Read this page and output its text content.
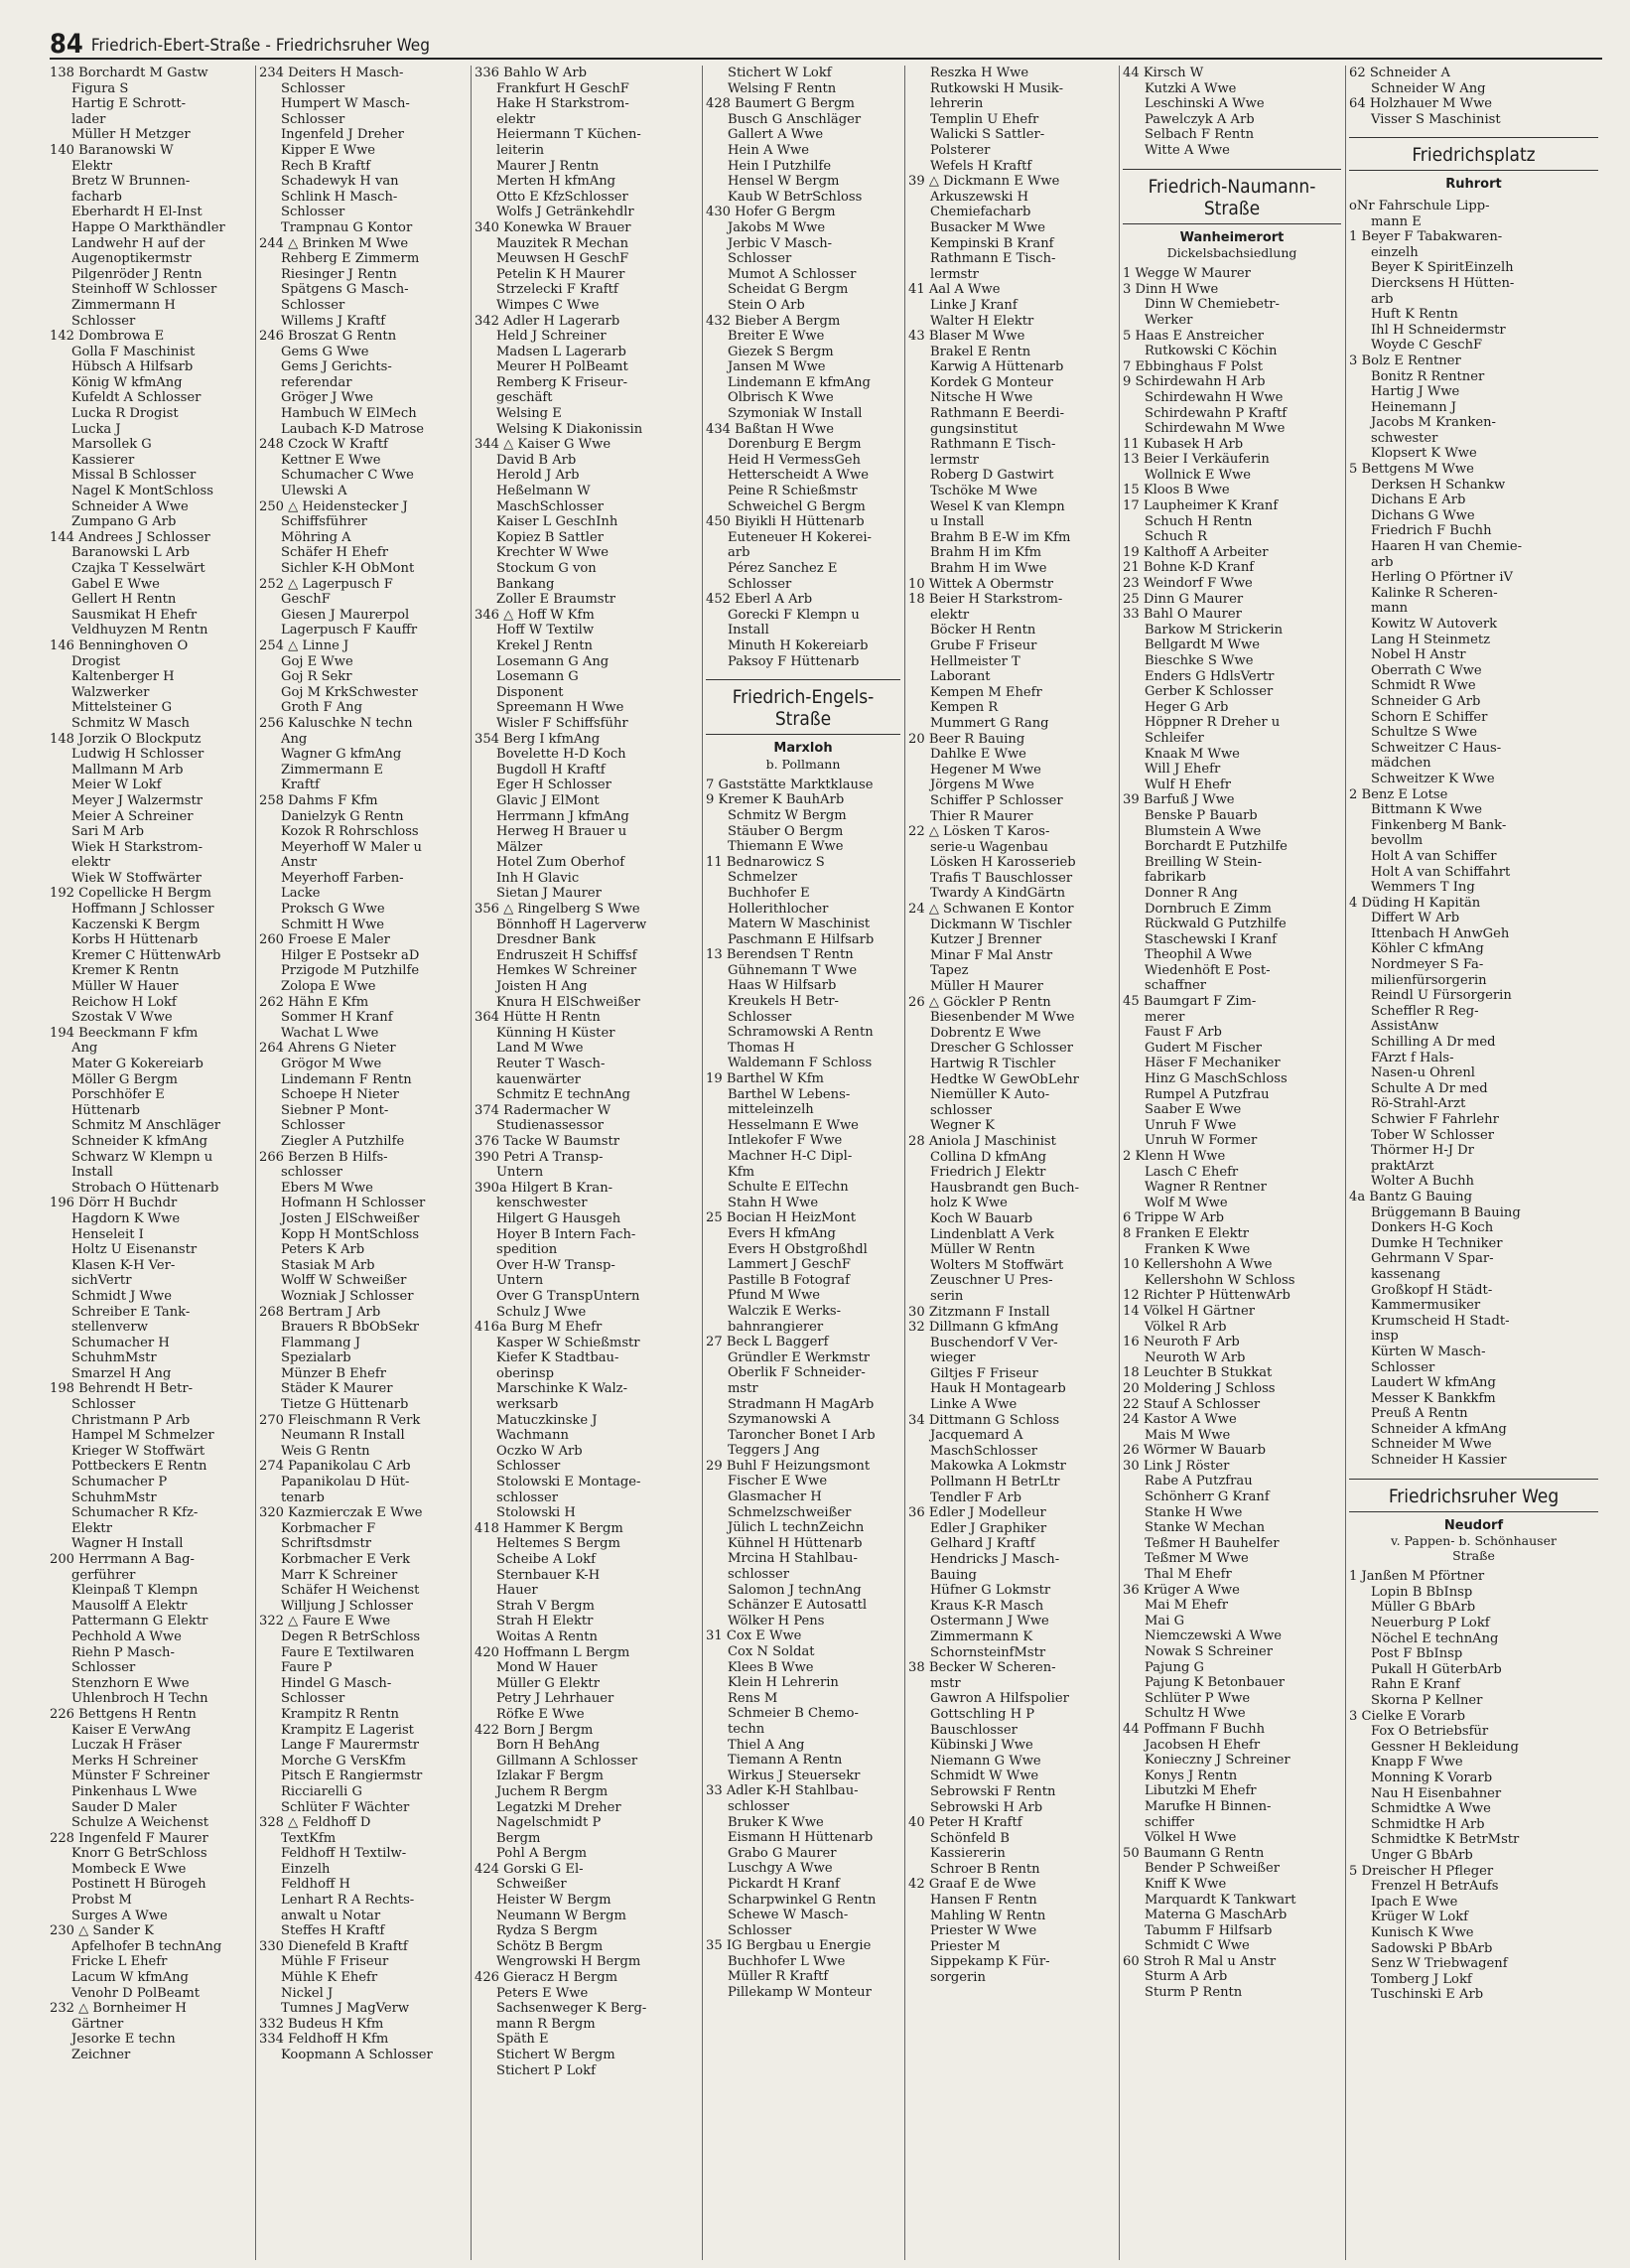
84 Friedrich-Ebert-Straße - Friedrichsruher Weg
138 Borchardt M Gastw
Figura S
Hartig E Schrott-
lader
Müller H Metzger
140 Baranowski W
Elektr
Bretz W Brunnen-
facharb
Eberhardt H El-Inst
Happe O Markthändler
Landwehr H auf der
Augenoptikermstr
Pilgenröder J Rentn
Steinhoff W Schlosser
Zimmermann H
Schlosser
142 Dombrowa E
Golla F Maschinist
Hübsch A Hilfsarb
König W kfmAng
Kufeldt A Schlosser
Lucka R Drogist
Lucka J
Marsollek G
Kassierer
Missal B Schlosser
Nagel K MontSchloss
Schneider A Wwe
Zumpano G Arb
144 Andrees J Schlosser
Baranowski L Arb
Czajka T Kesselwärt
Gabel E Wwe
Gellert H Rentn
Sausmikat H Ehefr
Veldhuyzen M Rentn
146 Benninghoven O
Drogist
Kaltenberger H
Walzwerker
Mittelsteiner G
Schmitz W Masch
148 Jorzik O Blockputz
Ludwig H Schlosser
Mallmann M Arb
Meier W Lokf
Meyer J Walzermstr
Meier A Schreiner
Sari M Arb
Wiek H Starkstrom-
elektr
Wiek W Stoffwärter
192 Copellicke H Bergm
Hoffmann J Schlosser
Kaczenski K Bergm
Korbs H Hüttenarb
Kremer C HüttenwArb
Kremer K Rentn
Müller W Hauer
Reichow H Lokf
Szostak V Wwe
194 Beeckmann F kfm
Ang
Mater G Kokereiarb
Möller G Bergm
Porschhöfer E
Hüttenarb
Schmitz M Anschläger
Schneider K kfmAng
Schwarz W Klempn u
Install
Strobach O Hüttenarb
196 Dörr H Buchdr
Hagdorn K Wwe
Henseleit I
Holtz U Eisenanstr
Klasen K-H Ver-
sichVertr
Schmidt J Wwe
Schreiber E Tank-
stellenverw
Schumacher H
SchuhmMstr
Smarzel H Ang
198 Behrendt H Betr-
Schlosser
Christmann P Arb
Hampel M Schmelzer
Krieger W Stoffwärt
Pottbeckers E Rentn
Schumacher P
SchuhmMstr
Schumacher R Kfz-
Elektr
Wagner H Install
200 Herrmann A Bag-
gerführer
Kleinpaß T Klempn
Mausolff A Elektr
Pattermann G Elektr
Pechhold A Wwe
Riehn P Masch-
Schlosser
Stenzhorn E Wwe
Uhlenbroch H Techn
226 Bettgens H Rentn
Kaiser E VerwAng
Luczak H Fräser
Merks H Schreiner
Münster F Schreiner
Pinkenhaus L Wwe
Sauder D Maler
Schulze A Weichenst
228 Ingenfeld F Maurer
Knorr G BetrSchloss
Mombeck E Wwe
Postinett H Bürogeh
Probst M
Surges A Wwe
230 △ Sander K
Apfelhofer B technAng
Fricke L Ehefr
Lacum W kfmAng
Venohr D PolBeamt
232 △ Bornheimer H
Gärtner
Jesorke E techn
Zeichner
234 Deiters H Masch-
Schlosser
Humpert W Masch-
Schlosser
Ingenfeld J Dreher
Kipper E Wwe
Rech B Kraftf
Schadewyk H van
Schlink H Masch-
Schlosser
Trampnau G Kontor
244 △ Brinken M Wwe
Rehberg E Zimmerm
Riesinger J Rentn
Spätgens G Masch-
Schlosser
Willems J Kraftf
246 Broszat G Rentn
Gems G Wwe
Gems J Gerichts-
referendar
Gröger J Wwe
Hambuch W ElMech
Laubach K-D Matrose
248 Czock W Kraftf
Kettner E Wwe
Schumacher C Wwe
Ulewski A
250 △ Heidenstecker J
Schiffsführer
Möhring A
Schäfer H Ehefr
Sichler K-H ObMont
252 △ Lagerpusch F
GeschF
Giesen J Maurerpol
Lagerpusch F Kauffr
254 △ Linne J
Goj E Wwe
Goj R Sekr
Goj M KrkSchwester
Groth F Ang
256 Kaluschke N techn
Ang
Wagner G kfmAng
Zimmermann E
Kraftf
258 Dahms F Kfm
Danielzyk G Rentn
Kozok R Rohrschloss
Meyerhoff W Maler u
Anstr
Meyerhoff Farben-
Lacke
Proksch G Wwe
Schmitt H Wwe
260 Froese E Maler
Hilger E Postsekr aD
Przigode M Putzhilfe
Zolopa E Wwe
262 Hähn E Kfm
Sommer H Kranf
Wachat L Wwe
264 Ahrens G Nieter
Grögor M Wwe
Lindemann F Rentn
Schoepe H Nieter
Siebner P Mont-
Schlosser
Ziegler A Putzhilfe
266 Berzen B Hilfs-
schlosser
Ebers M Wwe
Hofmann H Schlosser
Josten J ElSchweißer
Kopp H MontSchloss
Peters K Arb
Stasiak M Arb
Wolff W Schweißer
Wozniak J Schlosser
268 Bertram J Arb
Brauers R BbObSekr
Flammang J
Spezialarb
Münzer B Ehefr
Städer K Maurer
Tietze G Hüttenarb
270 Fleischmann R Verk
Neumann R Install
Weis G Rentn
274 Papanikolau C Arb
Papanikolau D Hüt-
tenarb
320 Kazmierczak E Wwe
Korbmacher F
Schriftsdmstr
Korbmacher E Verk
Marr K Schreiner
Schäfer H Weichenst
Willjung J Schlosser
322 △ Faure E Wwe
Degen R BetrSchloss
Faure E Textilwaren
Faure P
Hindel G Masch-
Schlosser
Krampitz R Rentn
Krampitz E Lagerist
Lange F Maurermstr
Morche G VersKfm
Pitsch E Rangiermstr
Ricciarelli G
Schlüter F Wächter
328 △ Feldhoff D
TextKfm
Feldhoff H Textilw-
Einzelh
Feldhoff H
Lenhart R A Rechts-
anwalt u Notar
Steffes H Kraftf
330 Dienefeld B Kraftf
Mühle F Friseur
Mühle K Ehefr
Nickel J
Tumnes J MagVerw
332 Budeus H Kfm
334 Feldhoff H Kfm
Koopmann A Schlosser
336 Bahlo W Arb
Frankfurt H GeschF
Hake H Starkstrom-
elektr
Heiermann T Küchen-
leiterin
Maurer J Rentn
Merten H kfmAng
Otto E KfzSchlosser
Wolfs J Getränkehdlr
340 Konewka W Brauer
Mauzitek R Mechan
Meuwsen H GeschF
Petelin K H Maurer
Strzelecki F Kraftf
Wimpes C Wwe
342 Adler H Lagerarb
Held J Schreiner
Madsen L Lagerarb
Meurer H PolBeamt
Remberg K Friseur-
geschäft
Welsing E
Welsing K Diakonissin
344 △ Kaiser G Wwe
David B Arb
Herold J Arb
Heßelmann W
MaschSchlosser
Kaiser L GeschInh
Kopiez B Sattler
Krechter W Wwe
Stockum G von
Bankang
Zoller E Braumstr
346 △ Hoff W Kfm
Hoff W Textilw
Krekel J Rentn
Losemann G Ang
Losemann G
Disponent
Spreemann H Wwe
Wisler F Schiffsführ
354 Berg I kfmAng
Bovelette H-D Koch
Bugdoll H Kraftf
Eger H Schlosser
Glavic J ElMont
Herrmann J kfmAng
Herweg H Brauer u
Mälzer
Hotel Zum Oberhof
Inh H Glavic
Sietan J Maurer
356 △ Ringelberg S Wwe
Bönnhoff H Lagerverw
Dresdner Bank
Endruszeit H Schiffsf
Hemkes W Schreiner
Joisten H Ang
Knura H ElSchweißer
364 Hütte H Rentn
Künning H Küster
Land M Wwe
Reuter T Wasch-
kauenwärter
Schmitz E technAng
374 Radermacher W
Studienassessor
376 Tacke W Baumstr
390 Petri A Transp-
Untern
390a Hilgert B Kran-
kenschwester
Hilgert G Hausgeh
Hoyer B Intern Fach-
spedition
Over H-W Transp-
Untern
Over G TranspUntern
Schulz J Wwe
416a Burg M Ehefr
Kasper W Schießmstr
Kiefer K Stadtbau-
oberinsp
Marschinke K Walz-
werksarb
Matuczkinske J
Wachmann
Oczko W Arb
Schlosser
Stolowski E Montage-
schlosser
Stolowski H
418 Hammer K Bergm
Heltemes S Bergm
Scheibe A Lokf
Sternbauer K-H
Hauer
Strah V Bergm
Strah H Elektr
Woitas A Rentn
420 Hoffmann L Bergm
Mond W Hauer
Müller G Elektr
Petry J Lehrhauer
Röfke E Wwe
422 Born J Bergm
Born H BehAng
Gillmann A Schlosser
Izlakar F Bergm
Juchem R Bergm
Legatzki M Dreher
Nagelschmidt P
Bergm
Pohl A Bergm
424 Gorski G El-
Schweißer
Heister W Bergm
Neumann W Bergm
Rydza S Bergm
Schötz B Bergm
Wengrowski H Bergm
426 Gieracz H Bergm
Peters E Wwe
Sachsenweger K Berg-
mann R Bergm
Späth E
Stichert W Bergm
Stichert P Lokf
Stichert W Lokf
Welsing F Rentn
428 Baumert G Bergm
Busch G Anschläger
Gallert A Wwe
Hein A Wwe
Hein I Putzhilfe
Hensel W Bergm
Kaub W BetrSchloss
430 Hofer G Bergm
Jakobs M Wwe
Jerbic V Masch-
Schlosser
Mumot A Schlosser
Scheidat G Bergm
Stein O Arb
432 Bieber A Bergm
Breiter E Wwe
Giezek S Bergm
Jansen M Wwe
Lindemann E kfmAng
Olbrisch K Wwe
Szymoniak W Install
434 Baßtan H Wwe
Dorenburg E Bergm
Heid H VermessGeh
Hetterscheidt A Wwe
Peine R Schießmstr
Schweichel G Bergm
450 Biyikli H Hüttenarb
Euteneuer H Kokerei-
arb
Pérez Sanchez E
Schlosser
452 Eberl A Arb
Gorecki F Klempn u
Install
Minuth H Kokereiarb
Paksoy F Hüttenarb
Friedrich-Engels-Straße
Marxloh
b. Pollmann
7 Gaststätte Marktklause
9 Kremer K BauhArb
Schmitz W Bergm
Stäuber O Bergm
Thiemann E Wwe
11 Bednarowicz S
Schmelzer
Buchhofer E
Hollerithlocher
Matern W Maschinist
Paschmann E Hilfsarb
13 Berendsen T Rentn
Gühnemann T Wwe
Haas W Hilfsarb
Kreukels H Betr-
Schlosser
Schramowski A Rentn
Thomas H
Waldemann F Schloss
19 Barthel W Kfm
Barthel W Lebens-
mitteleinzelh
Hesselmann E Wwe
Intlekofer F Wwe
Machner H-C Dipl-
Kfm
Schulte E ElTechn
Stahn H Wwe
25 Bocian H HeizMont
Evers H kfmAng
Evers H Obstgroßhdl
Lammert J GeschF
Pastille B Fotograf
Pfund M Wwe
Walczik E Werks-
bahnrangierer
27 Beck L Baggerf
Gründler E Werkmstr
Oberlik F Schneider-
mstr
Stradmann H MagArb
Szymanowski A
Taroncher Bonet I Arb
Teggers J Ang
29 Buhl F Heizungsmont
Fischer E Wwe
Glasmacher H
Schmelzschweißer
Jülich L technZeichn
Kühnel H Hüttenarb
Mrcina H Stahlbau-
schlosser
Salomon J technAng
Schänzer E Autosattl
Wölker H Pens
31 Cox E Wwe
Cox N Soldat
Klees B Wwe
Klein H Lehrerin
Rens M
Schmeier B Chemo-
techn
Thiel A Ang
Tiemann A Rentn
Wirkus J Steuersekr
33 Adler K-H Stahlbau-
schlosser
Bruker K Wwe
Eismann H Hüttenarb
Grabo G Maurer
Luschgy A Wwe
Pickardt H Kranf
Scharpwinkel G Rentn
Schewe W Masch-
Schlosser
35 IG Bergbau u Energie
Buchhofer L Wwe
Müller R Kraftf
Pillekamp W Monteur
Reszka H Wwe
Rutkowski H Musik-
lehrerin
Templin U Ehefr
Walicki S Sattler-
Polsterer
Wefels H Kraftf
39 △ Dickmann E Wwe
Arkuszewski H
Chemiefacharb
Busacker M Wwe
Kempinski B Kranf
Rathmann E Tisch-
lermstr
41 Aal A Wwe
Linke J Kranf
Walter H Elektr
43 Blaser M Wwe
Brakel E Rentn
Karwig A Hüttenarb
Kordek G Monteur
Nitsche H Wwe
Rathmann E Beerdi-
gungsinstitut
Rathmann E Tisch-
lermstr
Roberg D Gastwirt
Tschöke M Wwe
Wesel K van Klempn
u Install
Brahm B E-W im Kfm
Brahm H im Kfm
Brahm H im Wwe
10 Wittek A Obermstr
18 Beier H Starkstrom-
elektr
Böcker H Rentn
Grube F Friseur
Hellmeister T
Laborant
Kempen M Ehefr
Kempen R
Mummert G Rang
20 Beer R Bauing
Dahlke E Wwe
Hegener M Wwe
Jörgens M Wwe
Schiffer P Schlosser
Thier R Maurer
22 △ Lösken T Karos-
serie-u Wagenbau
Lösken H Karosserieb
Trafis T Bauschlosser
Twardy A KindGärtn
24 △ Schwanen E Kontor
Dickmann W Tischler
Kutzer J Brenner
Minar F Mal Anstr
Tapez
Müller H Maurer
26 △ Göckler P Rentn
Biesenbender M Wwe
Dobrentz E Wwe
Drescher G Schlosser
Hartwig R Tischler
Hedtke W GewObLehr
Niemüller K Auto-
schlosser
Wegner K
28 Aniola J Maschinist
Collina D kfmAng
Friedrich J Elektr
Hausbrandt gen Buch-
holz K Wwe
Koch W Bauarb
Lindenblatt A Verk
Müller W Rentn
Wolters M Stoffwärt
Zeuschner U Pres-
serin
30 Zitzmann F Install
32 Dillmann G kfmAng
Buschendorf V Ver-
wieger
Giltjes F Friseur
Hauk H Montagearb
Linke A Wwe
34 Dittmann G Schloss
Jacquemard A
MaschSchlosser
Makowka A Lokmstr
Pollmann H BetrLtr
Tendler F Arb
36 Edler J Modelleur
Edler J Graphiker
Gelhard J Kraftf
Hendricks J Masch-
Bauing
Hüfner G Lokmstr
Kraus K-R Masch
Ostermann J Wwe
Zimmermann K
SchornsteinfMstr
38 Becker W Scheren-
mstr
Gawron A Hilfspolier
Gottschling H P
Bauschlosser
Kübinski J Wwe
Niemann G Wwe
Schmidt W Wwe
Sebrowski F Rentn
Sebrowski H Arb
40 Peter H Kraftf
Schönfeld B
Kassiererin
Schroer B Rentn
42 Graaf E de Wwe
Hansen F Rentn
Mahling W Rentn
Priester W Wwe
Priester M
Sippekamp K Für-
sorgerin
44 Kirsch W
Kutzki A Wwe
Leschinski A Wwe
Pawelczyk A Arb
Selbach F Rentn
Witte A Wwe
Friedrich-Naumann-Straße
Wanheimerort
Dickelsbachsiedlung
1 Wegge W Maurer
3 Dinn H Wwe
Dinn W Chemiebetr-
Werker
5 Haas E Anstreicher
Rutkowski C Köchin
7 Ebbinghaus F Polst
9 Schirdewahn H Arb
Schirdewahn H Wwe
Schirdewahn P Kraftf
Schirdewahn M Wwe
11 Kubasek H Arb
13 Beier I Verkäuferin
Wollnick E Wwe
15 Kloos B Wwe
17 Laupheimer K Kranf
Schuch H Rentn
Schuch R
19 Kalthoff A Arbeiter
21 Bohne K-D Kranf
23 Weindorf F Wwe
25 Dinn G Maurer
33 Bahl O Maurer
Barkow M Strickerin
Bellgardt M Wwe
Bieschke S Wwe
Enders G HdlsVertr
Gerber K Schlosser
Heger G Arb
Höppner R Dreher u
Schleifer
Knaak M Wwe
Will J Ehefr
Wulf H Ehefr
39 Barfuß J Wwe
Benske P Bauarb
Blumstein A Wwe
Borchardt E Putzhilfe
Breilling W Stein-
fabrikarb
Donner R Ang
Dornbruch E Zimm
Rückwald G Putzhilfe
Staschewski I Kranf
Theophil A Wwe
Wiedenhöft E Post-
schaffner
45 Baumgart F Zim-
merer
Faust F Arb
Gudert M Fischer
Häser F Mechaniker
Hinz G MaschSchloss
Rumpel A Putzfrau
Saaber E Wwe
Unruh F Wwe
Unruh W Former
2 Klenn H Wwe
Lasch C Ehefr
Wagner R Rentner
Wolf M Wwe
6 Trippe W Arb
8 Franken E Elektr
Franken K Wwe
10 Kellershohn A Wwe
Kellershohn W Schloss
12 Richter P HüttenwArb
14 Völkel H Gärtner
Völkel R Arb
16 Neuroth F Arb
Neuroth W Arb
18 Leuchter B Stukkat
20 Moldering J Schloss
22 Stauf A Schlosser
24 Kastor A Wwe
Mais M Wwe
26 Wörmer W Bauarb
30 Link J Röster
Rabe A Putzfrau
Schönherr G Kranf
Stanke H Wwe
Stanke W Mechan
Teßmer H Bauhelfer
Teßmer M Wwe
Thal M Ehefr
36 Krüger A Wwe
Mai M Ehefr
Mai G
Niemczewski A Wwe
Nowak S Schreiner
Pajung G
Pajung K Betonbauer
Schlüter P Wwe
Schultz H Wwe
44 Poffmann F Buchh
Jacobsen H Ehefr
Konieczny J Schreiner
Konys J Rentn
Libutzki M Ehefr
Marufke H Binnen-
schiffer
Völkel H Wwe
50 Baumann G Rentn
Bender P Schweißer
Kniff K Wwe
Marquardt K Tankwart
Materna G MaschArb
Tabumm F Hilfsarb
Schmidt C Wwe
60 Stroh R Mal u Anstr
Sturm A Arb
Sturm P Rentn
62 Schneider A
Schneider W Ang
64 Holzhauer M Wwe
Visser S Maschinist
Friedrichsplatz
Ruhrort
oNr Fahrschule Lipp-
mann E
1 Beyer F Tabakwaren-
einzelh
Beyer K SpiritEinzelh
Diercksens H Hütten-
arb
Huft K Rentn
Ihl H Schneidermstr
Woyde C GeschF
3 Bolz E Rentner
Bonitz R Rentner
Hartig J Wwe
Heinemann J
Jacobs M Kranken-
schwester
Klopsert K Wwe
5 Bettgens M Wwe
Derksen H Schankw
Dichans E Arb
Dichans G Wwe
Friedrich F Buchh
Haaren H van Chemie-
arb
Herling O Pförtner iV
Kalinke R Scheren-
mann
Kowitz W Autoverk
Lang H Steinmetz
Nobel H Anstr
Oberrath C Wwe
Schmidt R Wwe
Schneider G Arb
Schorn E Schiffer
Schultze S Wwe
Schweitzer C Haus-
mädchen
Schweitzer K Wwe
2 Benz E Lotse
Bittmann K Wwe
Finkenberg M Bank-
bevollm
Holt A van Schiffer
Holt A van Schiffahrt
Wemmers T Ing
4 Düding H Kapitän
Differt W Arb
Ittenbach H AnwGeh
Köhler C kfmAng
Nordmeyer S Fa-
milienfürsorgerin
Reindl U Fürsorgerin
Scheffler R Reg-
AssistAnw
Schilling A Dr med
FArzt f Hals-
Nasen-u Ohrenl
Schulte A Dr med
Rö-Strahl-Arzt
Schwier F Fahrlehr
Tober W Schlosser
Thörmer H-J Dr
praktArzt
Wolter A Buchh
4a Bantz G Bauing
Brüggemann B Bauing
Donkers H-G Koch
Dumke H Techniker
Gehrmann V Spar-
kassenang
Großkopf H Städt-
Kammermusiker
Krumscheid H Stadt-
insp
Kürten W Masch-
Schlosser
Laudert W kfmAng
Messer K Bankkfm
Preuß A Rentn
Schneider A kfmAng
Schneider M Wwe
Schneider H Kassier
Friedrichsruher Weg
Neudorf
v. Pappen- b. Schönhauser
Straße
1 Janßen M Pförtner
Lopin B BbInsp
Müller G BbArb
Neuerburg P Lokf
Nöchel E technAng
Post F BbInsp
Pukall H GüterbArb
Rahn E Kranf
Skorna P Kellner
3 Cielke E Vorarb
Fox O Betriebsfür
Gessner H Bekleidung
Knapp F Wwe
Monning K Vorarb
Nau H Eisenbahner
Schmidtke A Wwe
Schmidtke H Arb
Schmidtke K BetrMstr
Unger G BbArb
5 Dreischer H Pfleger
Frenzel H BetrAufs
Ipach E Wwe
Krüger W Lokf
Kunisch K Wwe
Sadowski P BbArb
Senz W Triebwagenf
Tomberg J Lokf
Tuschinski E Arb
